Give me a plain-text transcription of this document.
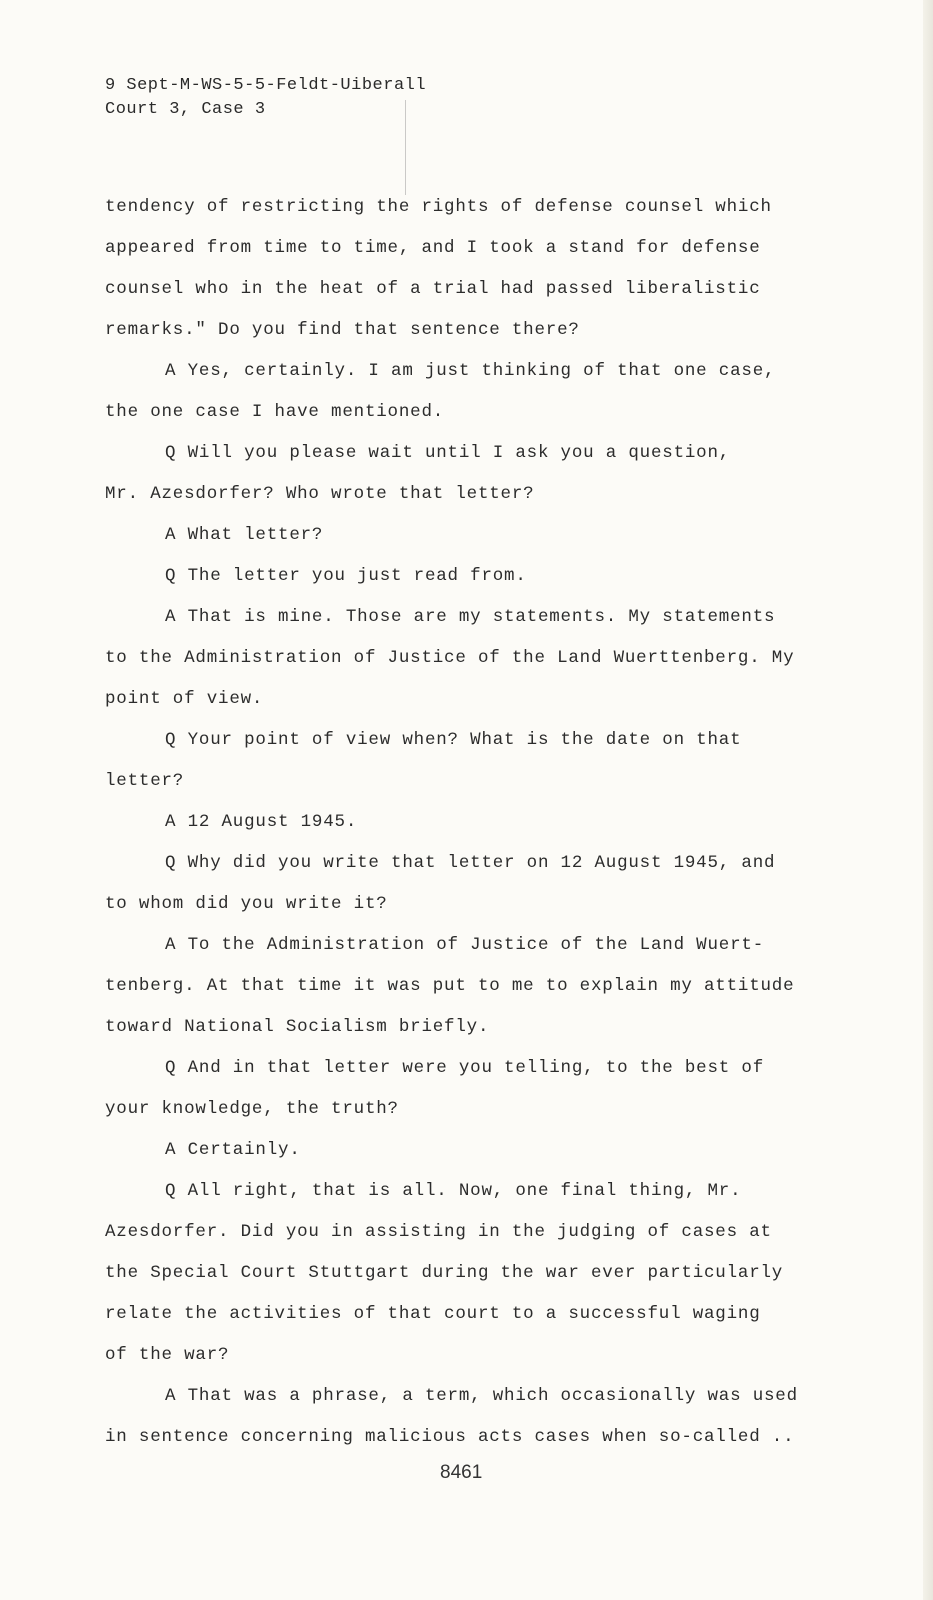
9 Sept-M-WS-5-5-Feldt-Uiberall
Court 3, Case 3
tendency of restricting the rights of defense counsel which
appeared from time to time, and I took a stand for defense
counsel who in the heat of a trial had passed liberalistic
remarks." Do you find that sentence there?
A Yes, certainly. I am just thinking of that one case,
the one case I have mentioned.
Q Will you please wait until I ask you a question,
Mr. Azesdorfer? Who wrote that letter?
A What letter?
Q The letter you just read from.
A That is mine. Those are my statements. My statements
to the Administration of Justice of the Land Wuerttenberg. My
point of view.
Q Your point of view when? What is the date on that
letter?
A 12 August 1945.
Q Why did you write that letter on 12 August 1945, and
to whom did you write it?
A To the Administration of Justice of the Land Wuert-
tenberg. At that time it was put to me to explain my attitude
toward National Socialism briefly.
Q And in that letter were you telling, to the best of
your knowledge, the truth?
A Certainly.
Q All right, that is all. Now, one final thing, Mr.
Azesdorfer. Did you in assisting in the judging of cases at
the Special Court Stuttgart during the war ever particularly
relate the activities of that court to a successful waging
of the war?
A That was a phrase, a term, which occasionally was used
in sentence concerning malicious acts cases when so-called ..
8461
